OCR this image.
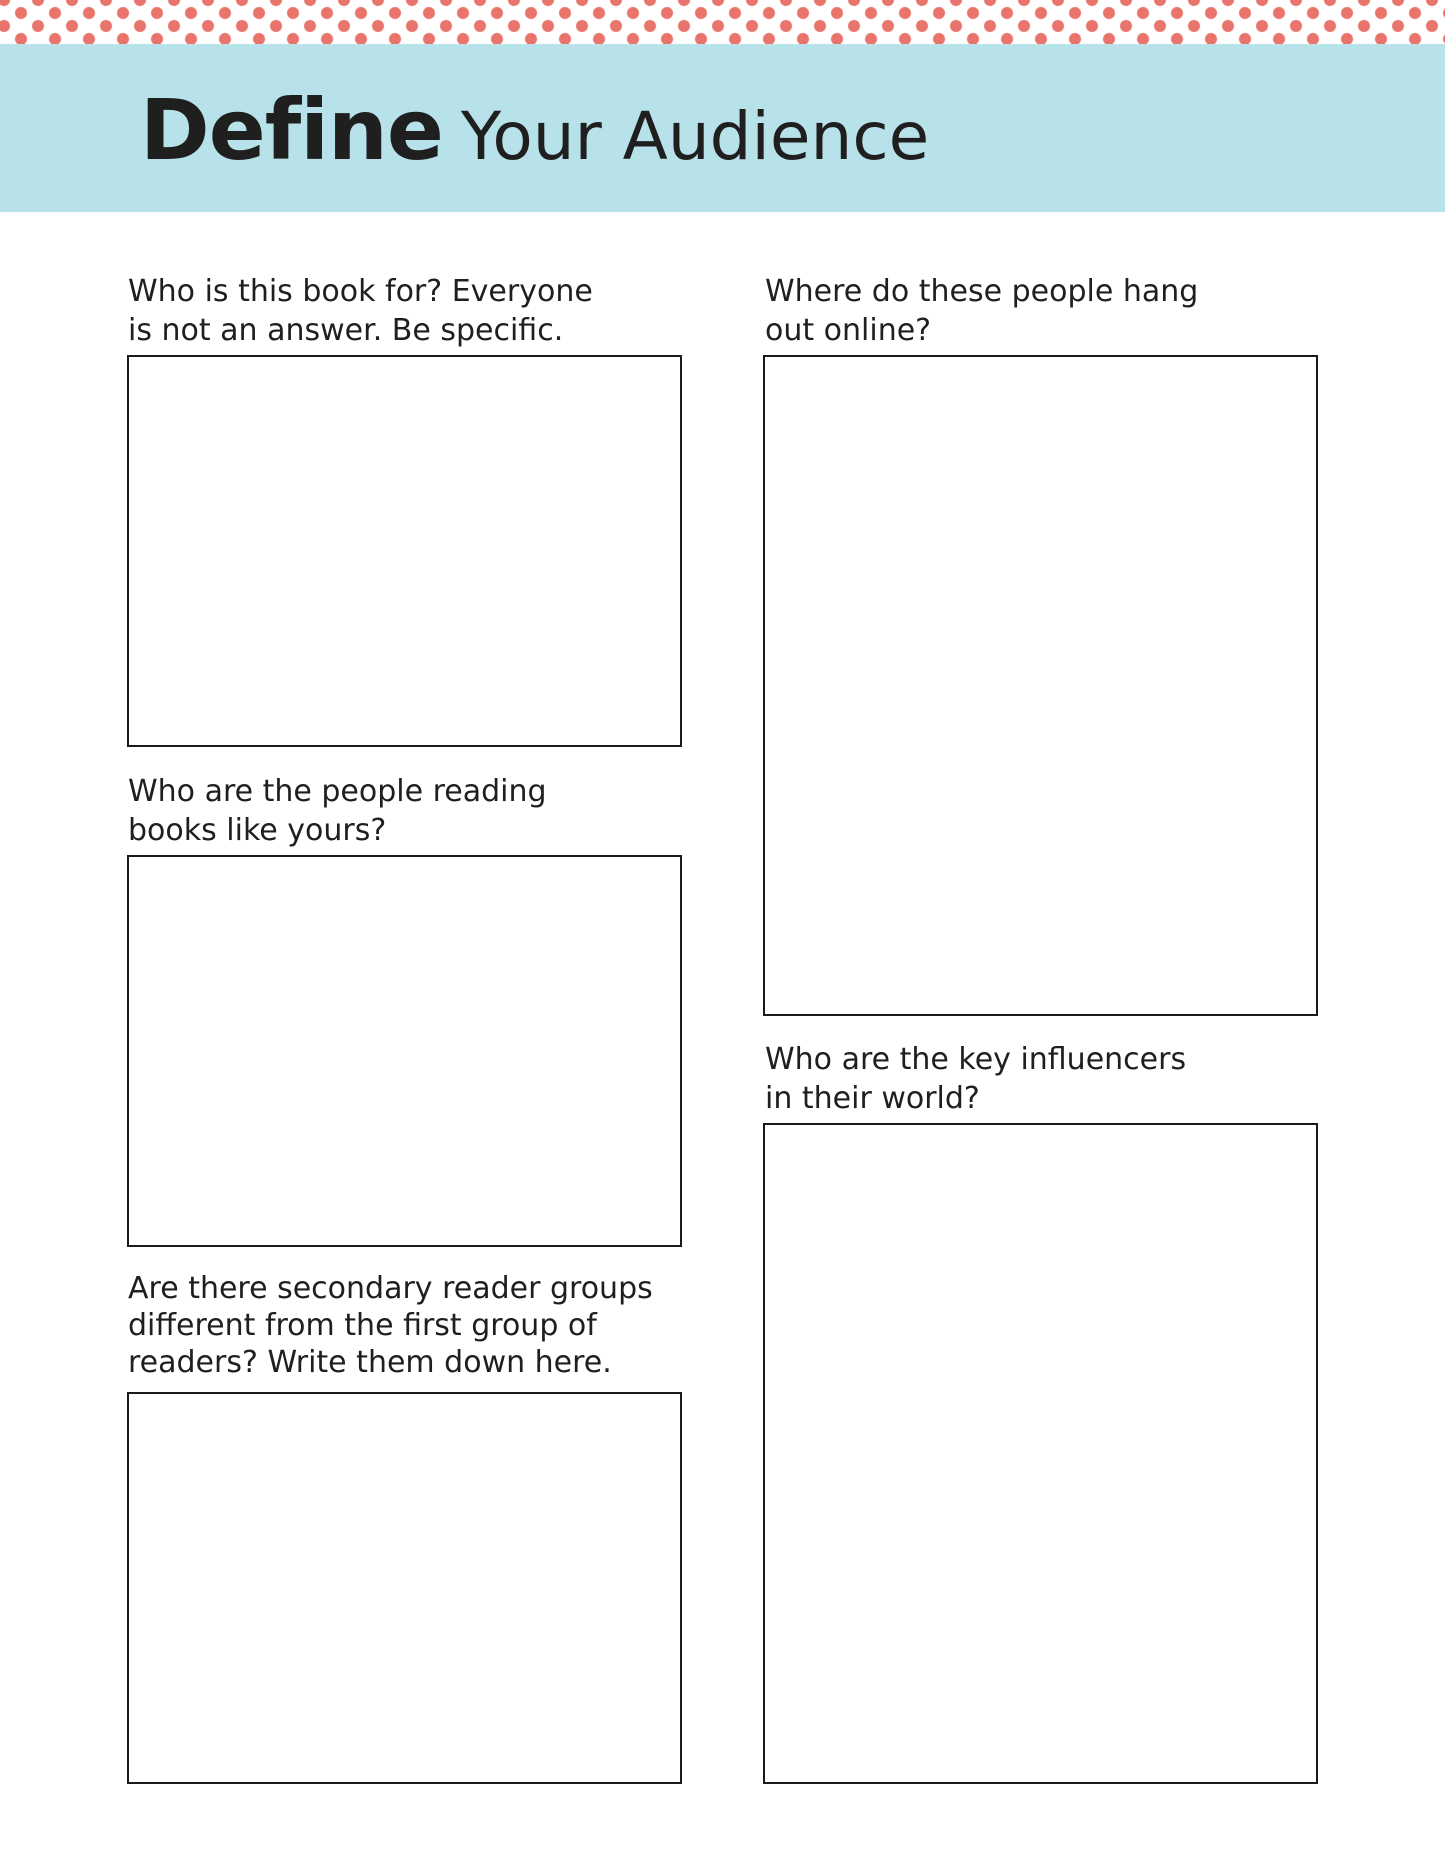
Define Your Audience

Who is this book for? Everyone
is not an answer. Be specific.

Who are the people reading
books like yours?

Are there secondary reader groups
different from the first group of
readers? Write them down here.

Where do these people hang
out online?

Who are the key influencers
in their world?
